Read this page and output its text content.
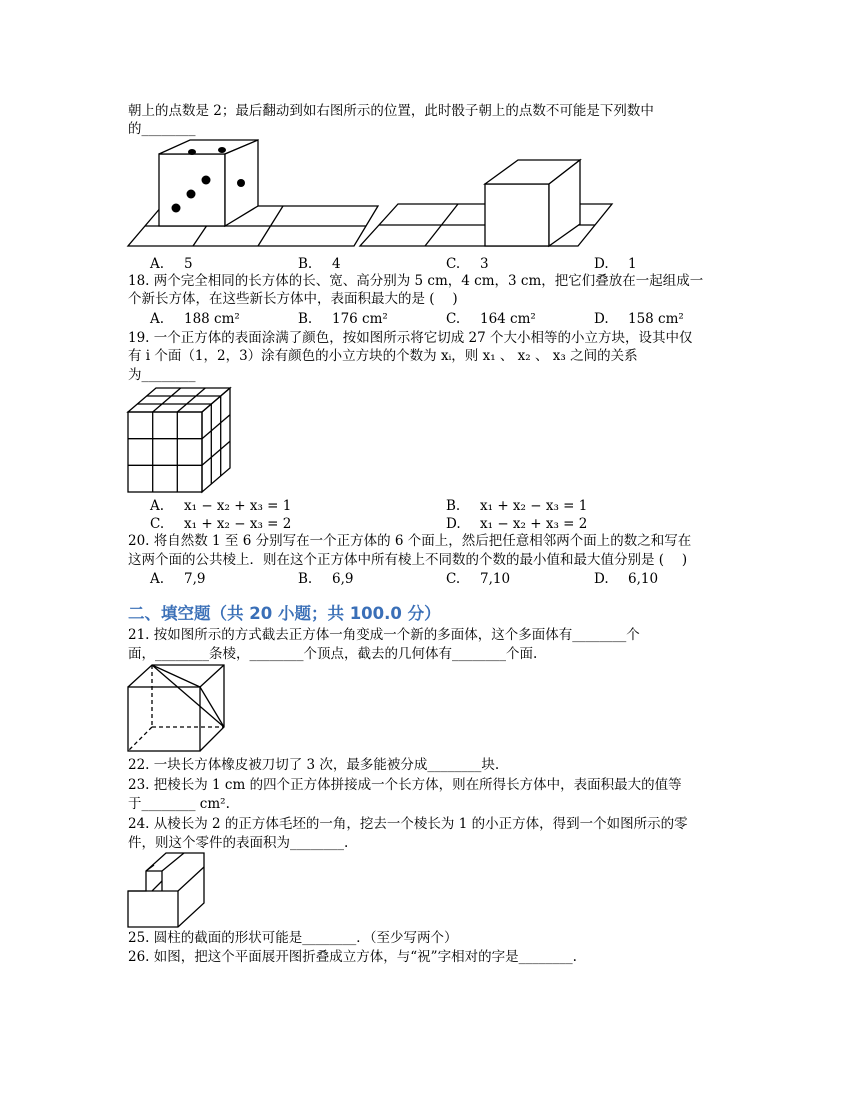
朝上的点数是 2；最后翻动到如右图所示的位置，此时骰子朝上的点数不可能是下列数中
的________
A. 5	B. 4	C. 3	D. 1
18. 两个完全相同的长方体的长、宽、高分别为 5 cm，4 cm，3 cm，把它们叠放在一起组成一
个新长方体，在这些新长方体中，表面积最大的是 (　 )
A. 188 cm²	B. 176 cm²	C. 164 cm²	D. 158 cm²
19. 一个正方体的表面涂满了颜色，按如图所示将它切成 27 个大小相等的小立方块，设其中仅
有 i 个面（1，2，3）涂有颜色的小立方块的个数为 xᵢ，则 x₁ 、 x₂ 、 x₃ 之间的关系
为________
A. x₁ − x₂ + x₃ = 1	B. x₁ + x₂ − x₃ = 1
C. x₁ + x₂ − x₃ = 2	D. x₁ − x₂ + x₃ = 2
20. 将自然数 1 至 6 分别写在一个正方体的 6 个面上，然后把任意相邻两个面上的数之和写在
这两个面的公共棱上．则在这个正方体中所有棱上不同数的个数的最小值和最大值分别是 (　 )
A. 7,9	B. 6,9	C. 7,10	D. 6,10
二、填空题（共 20 小题；共 100.0 分）
21. 按如图所示的方式截去正方体一角变成一个新的多面体，这个多面体有________个
面，________条棱，________个顶点，截去的几何体有________个面.
22. 一块长方体橡皮被刀切了 3 次，最多能被分成________块.
23. 把棱长为 1 cm 的四个正方体拼接成一个长方体，则在所得长方体中，表面积最大的值等
于________ cm².
24. 从棱长为 2 的正方体毛坯的一角，挖去一个棱长为 1 的小正方体，得到一个如图所示的零
件，则这个零件的表面积为________.
25. 圆柱的截面的形状可能是________．（至少写两个）
26. 如图，把这个平面展开图折叠成立方体，与“祝”字相对的字是________.
